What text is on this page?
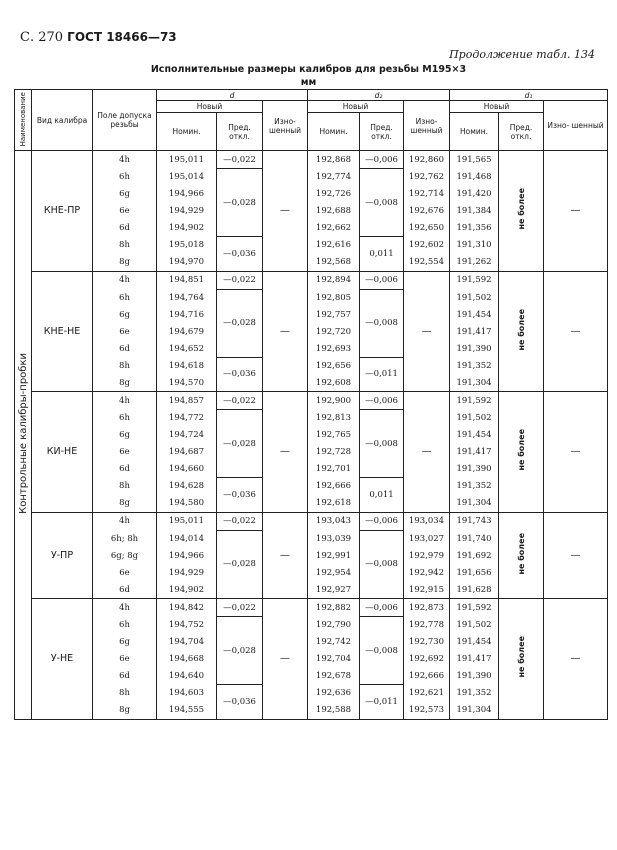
С. 270 ГОСТ 18466—73
Продолжение табл. 134
Исполнительные размеры калибров для резьбы М195×3
мм
Наименование	Вид калибра	Поле допуска резьбы	d			d₂			d₁		
			Новый		Изно- шенный	Новый		Изно- шенный	Новый		Изно- шенный
			Номин.	Пред. откл.		Номин.	Пред. откл.		Номин.	Пред. откл.	
Контрольные калибры-пробки	КНЕ-ПР	4h	195,011	—0,022	—	192,868	—0,006	192,860	191,565	не более	—
		6h	195,014	—0,028		192,774	—0,008	192,762	191,468		
		6g	194,966			192,726		192,714	191,420		
		6e	194,929			192,688		192,676	191,384		
		6d	194,902			192,662		192,650	191,356		
		8h	195,018	—0,036		192,616	0,011	192,602	191,310		
		8g	194,970			192,568		192,554	191,262		
	КНЕ-НЕ	4h	194,851	—0,022	—	192,894	—0,006	—	191,592	не более	—
		6h	194,764	—0,028		192,805	—0,008		191,502		
		6g	194,716			192,757			191,454		
		6e	194,679			192,720			191,417		
		6d	194,652			192,693			191,390		
		8h	194,618	—0,036		192,656	—0,011		191,352		
		8g	194,570			192,608			191,304		
	КИ-НЕ	4h	194,857	—0,022	—	192,900	—0,006	—	191,592	не более	—
		6h	194,772	—0,028		192,813	—0,008		191,502		
		6g	194,724			192,765			191,454		
		6e	194,687			192,728			191,417		
		6d	194,660			192,701			191,390		
		8h	194,628	—0,036		192,666	0,011		191,352		
		8g	194,580			192,618			191,304		
	У-ПР	4h	195,011	—0,022	—	193,043	—0,006	193,034	191,743	не более	—
		6h; 8h	194,014	—0,028		193,039	—0,008	193,027	191,740		
		6g; 8g	194,966			192,991		192,979	191,692		
		6e	194,929			192,954		192,942	191,656		
		6d	194,902			192,927		192,915	191,628		
	У-НЕ	4h	194,842	—0,022	—	192,882	—0,006	192,873	191,592	не более	—
		6h	194,752	—0,028		192,790	—0,008	192,778	191,502		
		6g	194,704			192,742		192,730	191,454		
		6e	194,668			192,704		192,692	191,417		
		6d	194,640			192,678		192,666	191,390		
		8h	194,603	—0,036		192,636	—0,011	192,621	191,352		
		8g	194,555			192,588		192,573	191,304		
